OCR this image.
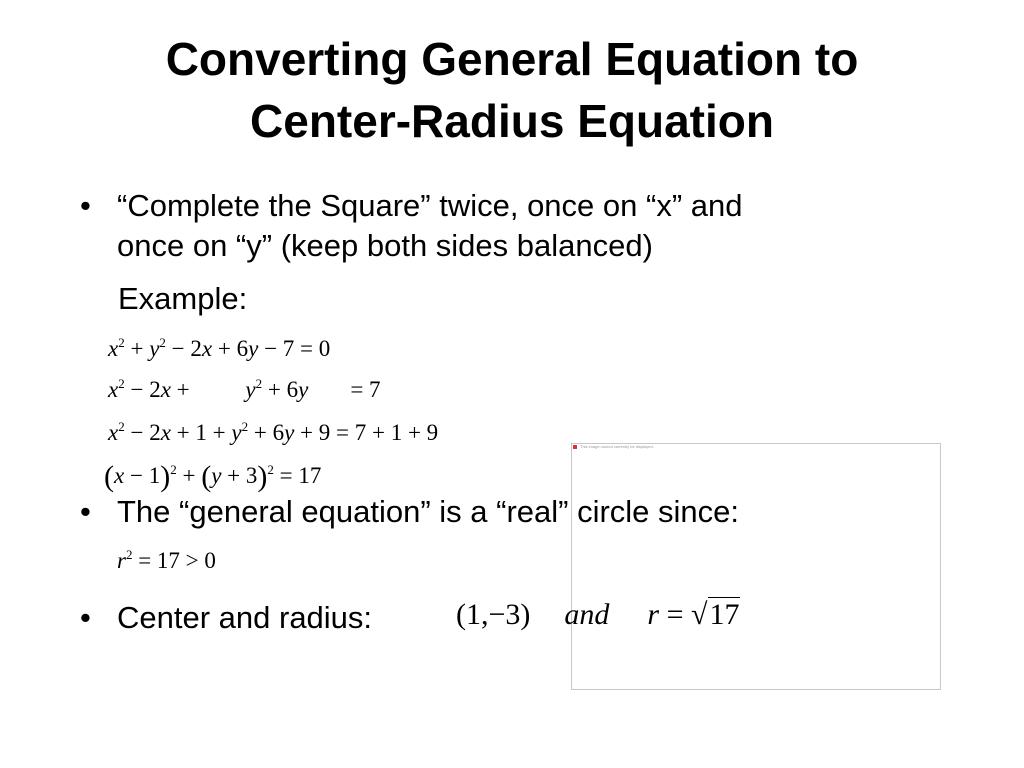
Converting General Equation to
Center-Radius Equation
• “Complete the Square” twice, once on “x” and
once on “y” (keep both sides balanced)
Example:
$x^2 + y^2 - 2x + 6y - 7 = 0$
$x^2 - 2x + y^2 + 6y = 7$
$x^2 - 2x + 1 + y^2 + 6y + 9 = 7 + 1 + 9$
$(x - 1)^2 + (y + 3)^2 = 17$
This image cannot currently be displayed.
• The “general equation” is a “real” circle since:
$r^2 = 17 > 0$
• Center and radius:	(1,−3) and r = √17
